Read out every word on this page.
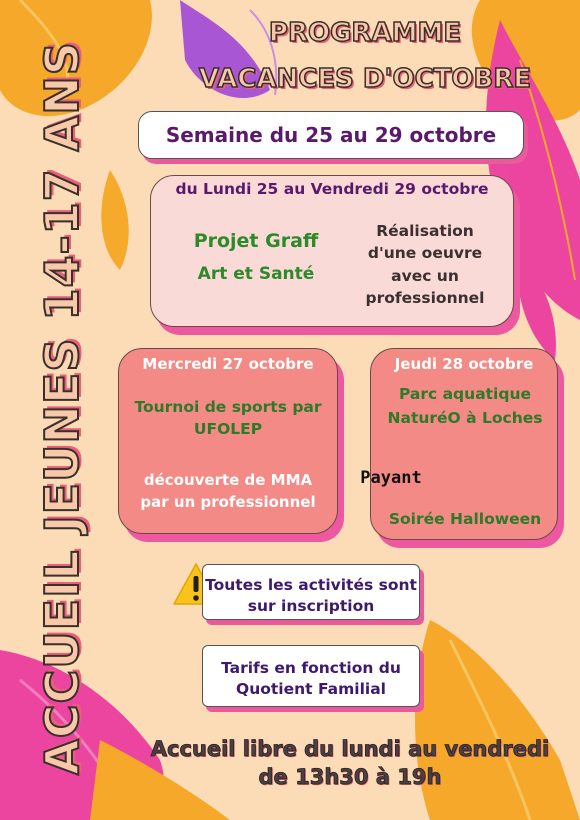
ACCUEIL JEUNES 14-17 ANS
PROGRAMME
VACANCES D'OCTOBRE
Semaine du 25 au 29 octobre
du Lundi 25 au Vendredi 29 octobre
Projet Graff
Art et Santé
Réalisation d'une oeuvre avec un professionnel
Mercredi 27 octobre
Tournoi de sports par UFOLEP
découverte de MMA par un professionnel
Jeudi 28 octobre
Parc aquatique NaturéO à Loches
Payant
Soirée Halloween
Toutes les activités sont sur inscription
Tarifs en fonction du Quotient Familial
Accueil libre du lundi au vendredi
de 13h30 à 19h
